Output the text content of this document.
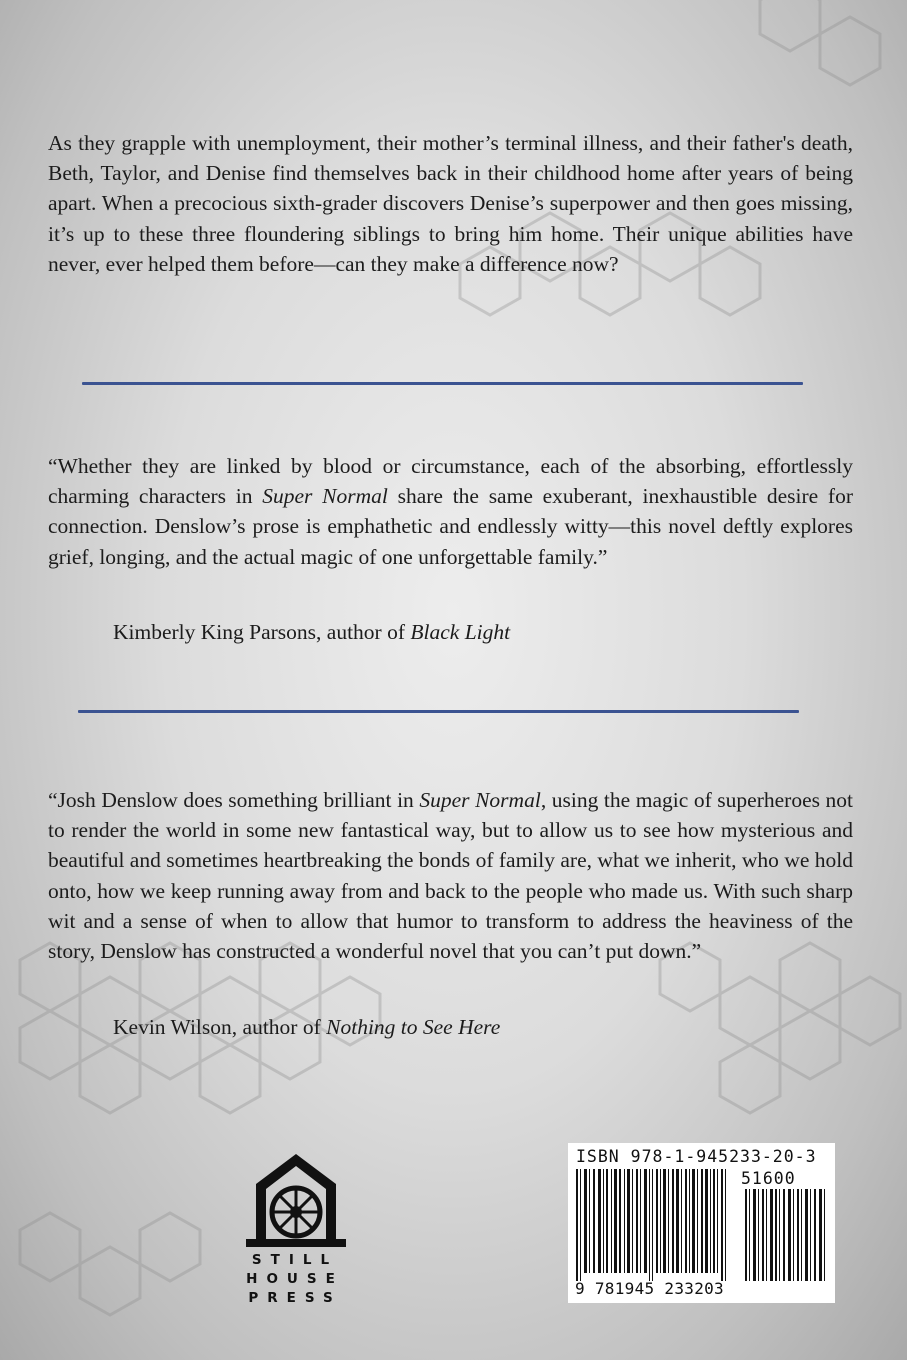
As they grapple with unemployment, their mother’s terminal illness, and their father's death, Beth, Taylor, and Denise find themselves back in their childhood home after years of being apart. When a precocious sixth-grader discovers Denise’s superpower and then goes missing, it’s up to these three floundering siblings to bring him home. Their unique abilities have never, ever helped them before—can they make a difference now?

“Whether they are linked by blood or circumstance, each of the absorbing, effortlessly charming characters in Super Normal share the same exuberant, inexhaustible desire for connection. Denslow’s prose is emphathetic and endlessly witty—this novel deftly explores grief, longing, and the actual magic of one unforgettable family.”

Kimberly King Parsons, author of Black Light

“Josh Denslow does something brilliant in Super Normal, using the magic of superheroes not to render the world in some new fantastical way, but to allow us to see how mysterious and beautiful and sometimes heartbreaking the bonds of family are, what we inherit, who we hold onto, how we keep running away from and back to the people who made us. With such sharp wit and a sense of when to allow that humor to transform to address the heaviness of the story, Denslow has constructed a wonderful novel that you can’t put down.”

Kevin Wilson, author of Nothing to See Here

STILL

HOUSE

PRESS

ISBN 978-1-945233-20-3

51600

9 781945 233203
